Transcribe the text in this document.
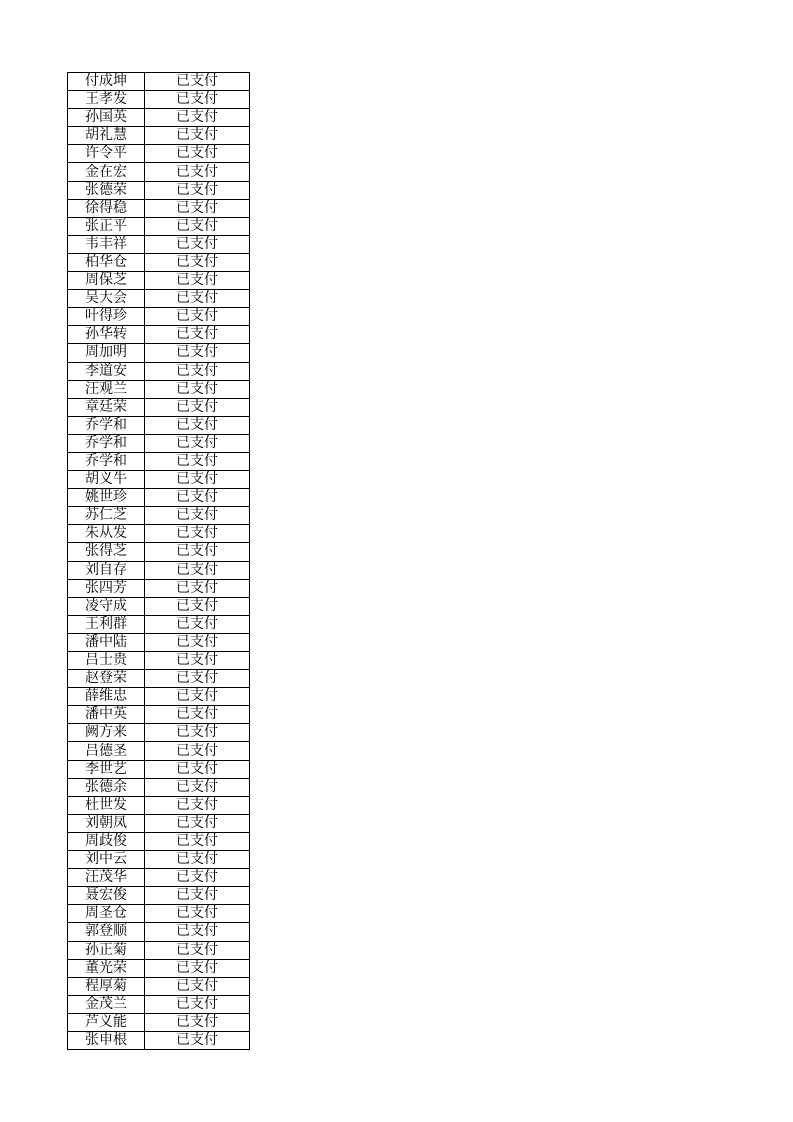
付成坤	已支付
王孝发	已支付
孙国英	已支付
胡礼慧	已支付
许令平	已支付
金在宏	已支付
张德荣	已支付
徐得稳	已支付
张正平	已支付
韦丰祥	已支付
柏华仓	已支付
周保芝	已支付
吴大会	已支付
叶得珍	已支付
孙华转	已支付
周加明	已支付
李道安	已支付
汪观兰	已支付
章廷荣	已支付
乔学和	已支付
乔学和	已支付
乔学和	已支付
胡义牛	已支付
姚世珍	已支付
苏仁芝	已支付
朱从发	已支付
张得芝	已支付
刘自存	已支付
张四芳	已支付
凌守成	已支付
王利群	已支付
潘中陆	已支付
吕士贵	已支付
赵登荣	已支付
薛维忠	已支付
潘中英	已支付
阙方来	已支付
吕德圣	已支付
李世艺	已支付
张德余	已支付
杜世发	已支付
刘朝凤	已支付
周歧俊	已支付
刘中云	已支付
汪茂华	已支付
聂宏俊	已支付
周圣仓	已支付
郭登顺	已支付
孙正菊	已支付
董光荣	已支付
程厚菊	已支付
金茂兰	已支付
芦义能	已支付
张申根	已支付
